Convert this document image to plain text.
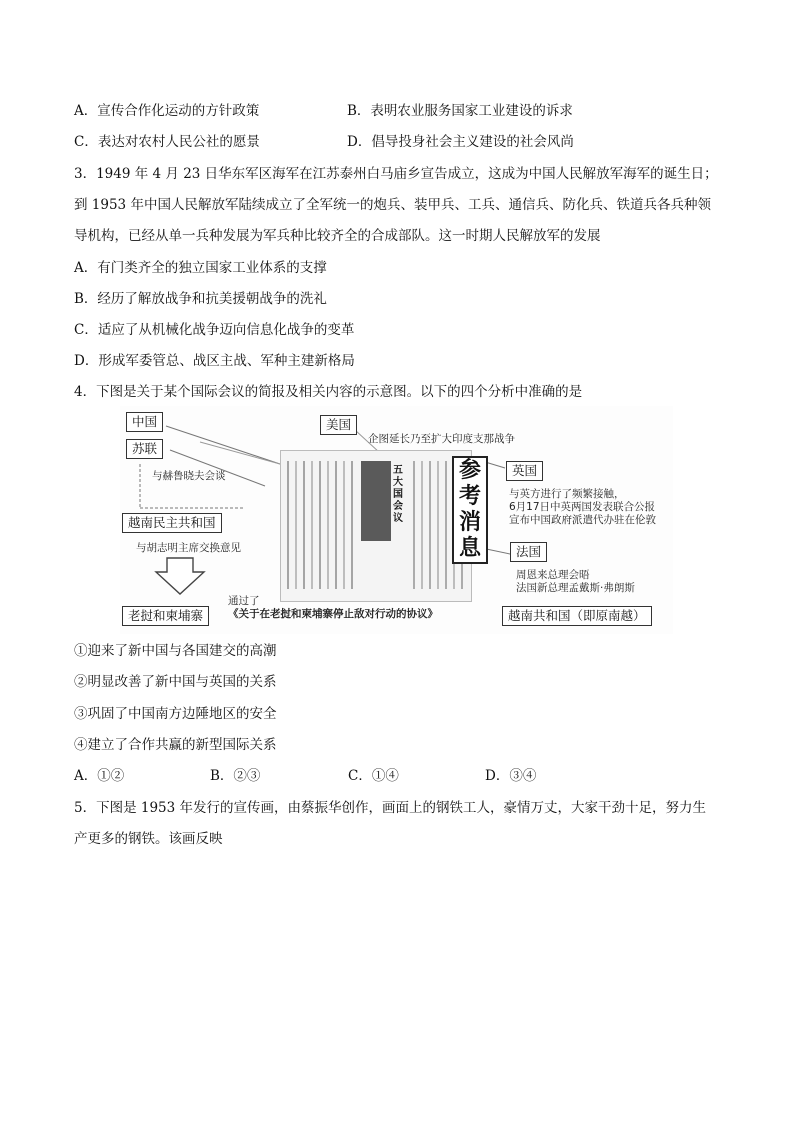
A．宣传合作化运动的方针政策	B．表明农业服务国家工业建设的诉求
C．表达对农村人民公社的愿景	D．倡导投身社会主义建设的社会风尚
3．1949 年 4 月 23 日华东军区海军在江苏泰州白马庙乡宣告成立，这成为中国人民解放军海军的诞生日；
到 1953 年中国人民解放军陆续成立了全军统一的炮兵、装甲兵、工兵、通信兵、防化兵、铁道兵各兵种领
导机构，已经从单一兵种发展为军兵种比较齐全的合成部队。这一时期人民解放军的发展
A．有门类齐全的独立国家工业体系的支撑
B．经历了解放战争和抗美援朝战争的洗礼
C．适应了从机械化战争迈向信息化战争的变革
D．形成军委管总、战区主战、军种主建新格局
4．下图是关于某个国际会议的简报及相关内容的示意图。以下的四个分析中准确的是
中国	美国
企图延长乃至扩大印度支那战争
苏联
与赫鲁晓夫会谈
越南民主共和国
与胡志明主席交换意见
老挝和柬埔寨
通过了
《关于在老挝和柬埔寨停止敌对行动的协议》
五大国会议
参
考
消
息
英国
与英方进行了频繁接触，
6月17日中英两国发表联合公报
宣布中国政府派遣代办驻在伦敦
法国
周恩来总理会晤
法国新总理孟戴斯·弗朗斯
越南共和国（即原南越）
①迎来了新中国与各国建交的高潮
②明显改善了新中国与英国的关系
③巩固了中国南方边陲地区的安全
④建立了合作共赢的新型国际关系
A．①②	B．②③	C．①④	D．③④
5．下图是 1953 年发行的宣传画，由蔡振华创作，画面上的钢铁工人，豪情万丈，大家干劲十足，努力生
产更多的钢铁。该画反映
